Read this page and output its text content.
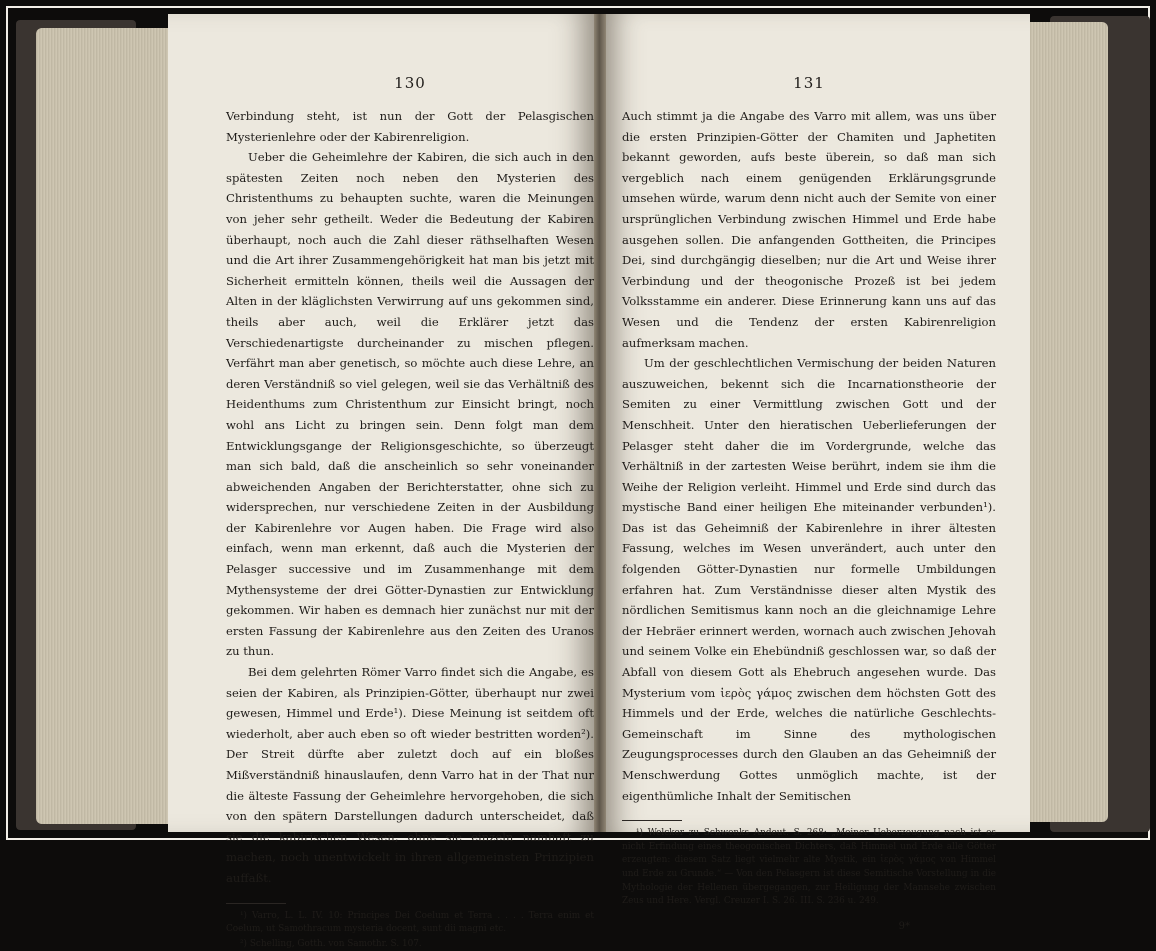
130

Verbindung steht, ist nun der Gott der Pelasgischen Mysterienlehre oder der Kabirenreligion.

Ueber die Geheimlehre der Kabiren, die sich auch in den spätesten Zeiten noch neben den Mysterien des Christenthums zu behaupten suchte, waren die Meinungen von jeher sehr getheilt. Weder die Bedeutung der Kabiren überhaupt, noch auch die Zahl dieser räthselhaften Wesen und die Art ihrer Zusammengehörigkeit hat man bis jetzt mit Sicherheit ermitteln können, theils weil die Aussagen der Alten in der kläglichsten Verwirrung auf uns gekommen sind, theils aber auch, weil die Erklärer jetzt das Verschiedenartigste durcheinander zu mischen pflegen. Verfährt man aber genetisch, so möchte auch diese Lehre, an deren Verständniß so viel gelegen, weil sie das Verhältniß des Heidenthums zum Christenthum zur Einsicht bringt, noch wohl ans Licht zu bringen sein. Denn folgt man dem Entwicklungsgange der Religionsgeschichte, so überzeugt man sich bald, daß die anscheinlich so sehr voneinander abweichenden Angaben der Berichterstatter, ohne sich zu widersprechen, nur verschiedene Zeiten in der Ausbildung der Kabirenlehre vor Augen haben. Die Frage wird also einfach, wenn man erkennt, daß auch die Mysterien der Pelasger successive und im Zusammenhange mit dem Mythensysteme der drei Götter-Dynastien zur Entwicklung gekommen. Wir haben es demnach hier zunächst nur mit der ersten Fassung der Kabirenlehre aus den Zeiten des Uranos zu thun.

Bei dem gelehrten Römer Varro findet sich die Angabe, es seien der Kabiren, als Prinzipien-Götter, überhaupt nur zwei gewesen, Himmel und Erde¹). Diese Meinung ist seitdem oft wiederholt, aber auch eben so oft wieder bestritten worden²). Der Streit dürfte aber zuletzt doch auf ein bloßes Mißverständniß hinauslaufen, denn Varro hat in der That nur die älteste Fassung der Geheimlehre hervorgehoben, die sich von den spätern Darstellungen dadurch unterscheidet, daß sie die kabirischen Wesen, ohne sie einzeln namhaft zu machen, noch unentwickelt in ihren allgemeinsten Prinzipien auffaßt.

¹) Varro, L. L. IV. 10: Principes Dei Coelum et Terra . . . . Terra enim et Coelum, ut Samothracum mysteria docent, sunt dii magni etc.

²) Schelling, Gotth. von Samothr. S. 107.

131

Auch stimmt ja die Angabe des Varro mit allem, was uns über die ersten Prinzipien-Götter der Chamiten und Japhetiten bekannt geworden, aufs beste überein, so daß man sich vergeblich nach einem genügenden Erklärungsgrunde umsehen würde, warum denn nicht auch der Semite von einer ursprünglichen Verbindung zwischen Himmel und Erde habe ausgehen sollen. Die anfangenden Gottheiten, die Principes Dei, sind durchgängig dieselben; nur die Art und Weise ihrer Verbindung und der theogonische Prozeß ist bei jedem Volksstamme ein anderer. Diese Erinnerung kann uns auf das Wesen und die Tendenz der ersten Kabirenreligion aufmerksam machen.

Um der geschlechtlichen Vermischung der beiden Naturen auszuweichen, bekennt sich die Incarnationstheorie der Semiten zu einer Vermittlung zwischen Gott und der Menschheit. Unter den hieratischen Ueberlieferungen der Pelasger steht daher die im Vordergrunde, welche das Verhältniß in der zartesten Weise berührt, indem sie ihm die Weihe der Religion verleiht. Himmel und Erde sind durch das mystische Band einer heiligen Ehe miteinander verbunden¹). Das ist das Geheimniß der Kabirenlehre in ihrer ältesten Fassung, welches im Wesen unverändert, auch unter den folgenden Götter-Dynastien nur formelle Umbildungen erfahren hat. Zum Verständnisse dieser alten Mystik des nördlichen Semitismus kann noch an die gleichnamige Lehre der Hebräer erinnert werden, wornach auch zwischen Jehovah und seinem Volke ein Ehebündniß geschlossen war, so daß der Abfall von diesem Gott als Ehebruch angesehen wurde. Das Mysterium vom ἱερὸς γάμος zwischen dem höchsten Gott des Himmels und der Erde, welches die natürliche Geschlechts-Gemeinschaft im Sinne des mythologischen Zeugungsprocesses durch den Glauben an das Geheimniß der Menschwerdung Gottes unmöglich machte, ist der eigenthümliche Inhalt der Semitischen

¹) Welcker zu Schwenks Andeut. S. 268: „Meiner Ueberzeugung nach ist es nicht Erfindung eines theogonischen Dichters, daß Himmel und Erde alle Götter erzeugten: diesem Satz liegt vielmehr alte Mystik, ein ἱερὸς γάμος von Himmel und Erde zu Grunde.“ — Von den Pelasgern ist diese Semitische Vorstellung in die Mythologie der Hellenen übergegangen, zur Heiligung der Mannsehe zwischen Zeus und Here. Vergl. Creuzer I. S. 26. III. S. 236 u. 249.

9*
